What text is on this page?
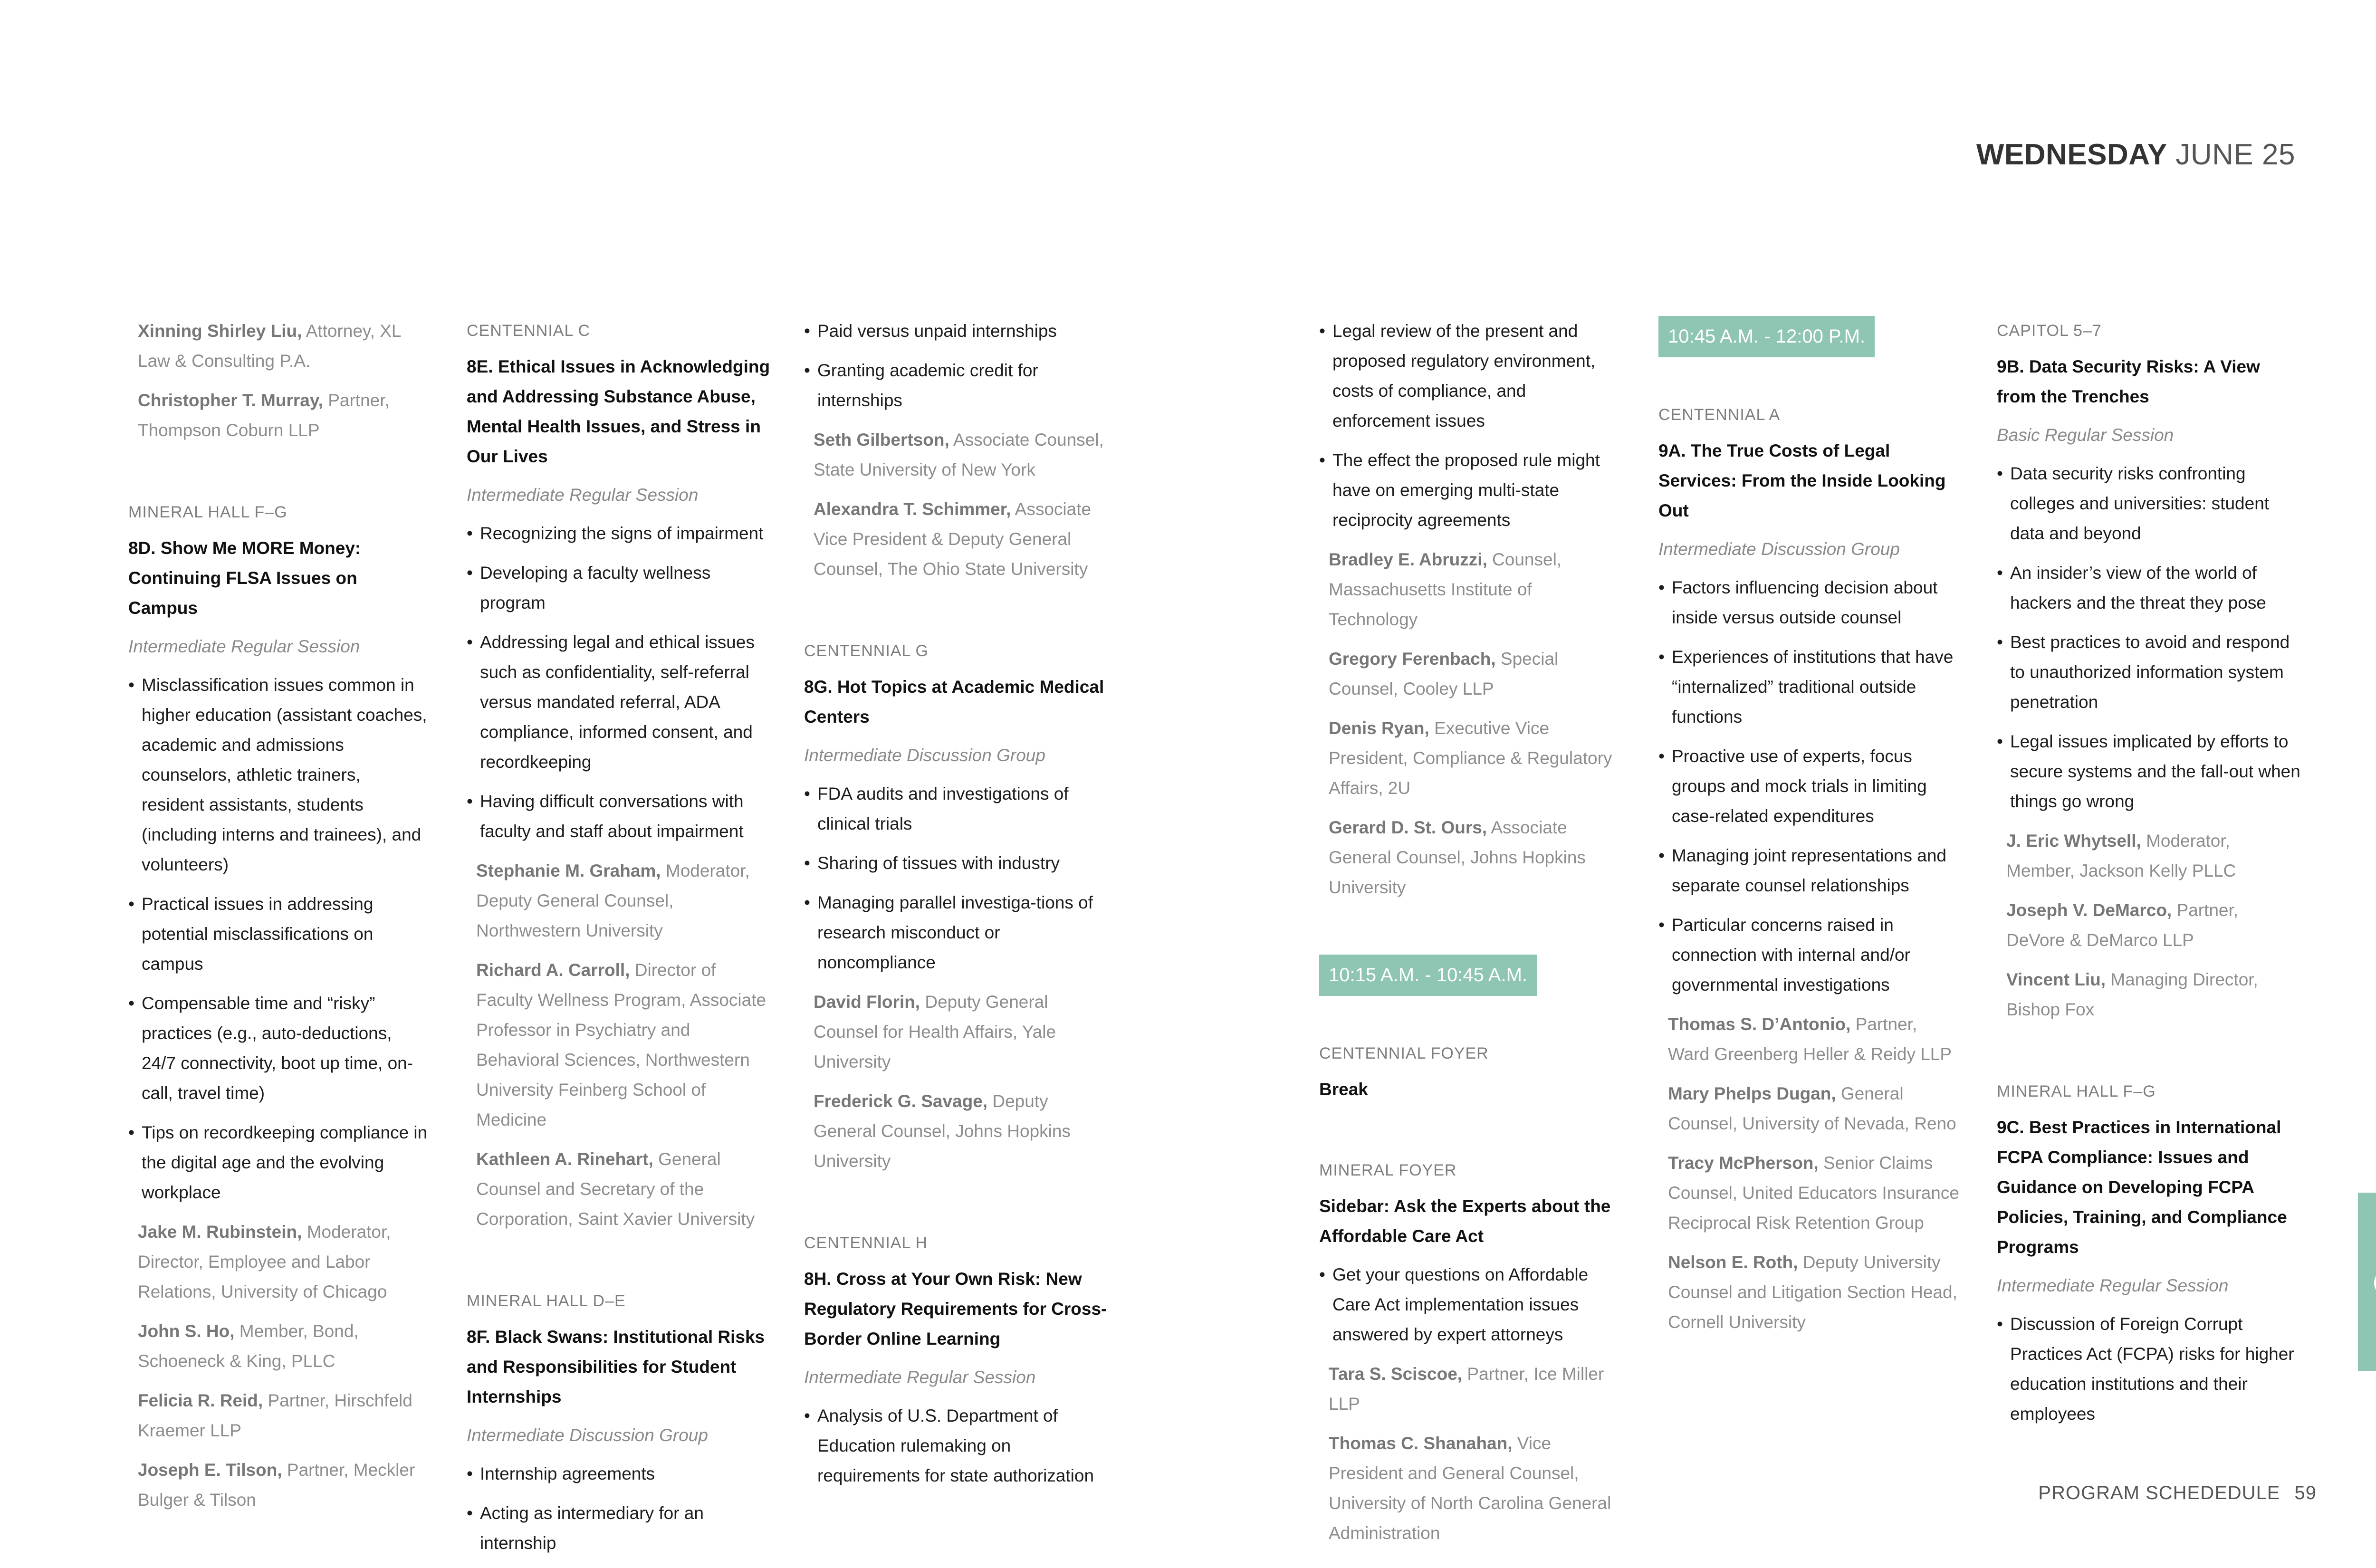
WEDNESDAY JUNE 25
Xinning Shirley Liu, Attorney, XL Law & Consulting P.A.
Christopher T. Murray, Partner, Thompson Coburn LLP
MINERAL HALL F–G
8D. Show Me MORE Money: Continuing FLSA Issues on Campus
Intermediate Regular Session
• Misclassification issues common in higher education (assistant coaches, academic and admissions counselors, athletic trainers, resident assistants, students (including interns and trainees), and volunteers)
• Practical issues in addressing potential misclassifications on campus
• Compensable time and “risky” practices (e.g., auto-deductions, 24/7 connectivity, boot up time, on-call, travel time)
• Tips on recordkeeping compliance in the digital age and the evolving workplace
Jake M. Rubinstein, Moderator, Director, Employee and Labor Relations, University of Chicago
John S. Ho, Member, Bond, Schoeneck & King, PLLC
Felicia R. Reid, Partner, Hirschfeld Kraemer LLP
Joseph E. Tilson, Partner, Meckler Bulger & Tilson
CENTENNIAL C
8E. Ethical Issues in Acknowledging and Addressing Substance Abuse, Mental Health Issues, and Stress in Our Lives
Intermediate Regular Session
• Recognizing the signs of impairment
• Developing a faculty wellness program
• Addressing legal and ethical issues such as confidentiality, self-referral versus mandated referral, ADA compliance, informed consent, and recordkeeping
• Having difficult conversations with faculty and staff about impairment
Stephanie M. Graham, Moderator, Deputy General Counsel, Northwestern University
Richard A. Carroll, Director of Faculty Wellness Program, Associate Professor in Psychiatry and Behavioral Sciences, Northwestern University Feinberg School of Medicine
Kathleen A. Rinehart, General Counsel and Secretary of the Corporation, Saint Xavier University
MINERAL HALL D–E
8F. Black Swans: Institutional Risks and Responsibilities for Student Internships
Intermediate Discussion Group
• Internship agreements
• Acting as intermediary for an internship
• Paid versus unpaid internships
• Granting academic credit for internships
Seth Gilbertson, Associate Counsel, State University of New York
Alexandra T. Schimmer, Associate Vice President & Deputy General Counsel, The Ohio State University
CENTENNIAL G
8G. Hot Topics at Academic Medical Centers
Intermediate Discussion Group
• FDA audits and investigations of clinical trials
• Sharing of tissues with industry
• Managing parallel investiga-tions of research misconduct or noncompliance
David Florin, Deputy General Counsel for Health Affairs, Yale University
Frederick G. Savage, Deputy General Counsel, Johns Hopkins University
CENTENNIAL H
8H. Cross at Your Own Risk: New Regulatory Requirements for Cross-Border Online Learning
Intermediate Regular Session
• Analysis of U.S. Department of Education rulemaking on requirements for state authorization
• Legal review of the present and proposed regulatory environment, costs of compliance, and enforcement issues
• The effect the proposed rule might have on emerging multi-state reciprocity agreements
Bradley E. Abruzzi, Counsel, Massachusetts Institute of Technology
Gregory Ferenbach, Special Counsel, Cooley LLP
Denis Ryan, Executive Vice President, Compliance & Regulatory Affairs, 2U
Gerard D. St. Ours, Associate General Counsel, Johns Hopkins University
10:15 A.M. - 10:45 A.M.
CENTENNIAL FOYER
Break
MINERAL FOYER
Sidebar: Ask the Experts about the Affordable Care Act
• Get your questions on Affordable Care Act implementation issues answered by expert attorneys
Tara S. Sciscoe, Partner, Ice Miller LLP
Thomas C. Shanahan, Vice President and General Counsel, University of North Carolina General Administration
10:45 A.M. - 12:00 P.M.
CENTENNIAL A
9A. The True Costs of Legal Services: From the Inside Looking Out
Intermediate Discussion Group
• Factors influencing decision about inside versus outside counsel
• Experiences of institutions that have “internalized” traditional outside functions
• Proactive use of experts, focus groups and mock trials in limiting case-related expenditures
• Managing joint representations and separate counsel relationships
• Particular concerns raised in connection with internal and/or governmental investigations
Thomas S. D’Antonio, Partner, Ward Greenberg Heller & Reidy LLP
Mary Phelps Dugan, General Counsel, University of Nevada, Reno
Tracy McPherson, Senior Claims Counsel, United Educators Insurance Reciprocal Risk Retention Group
Nelson E. Roth, Deputy University Counsel and Litigation Section Head, Cornell University
CAPITOL 5–7
9B. Data Security Risks: A View from the Trenches
Basic Regular Session
• Data security risks confronting colleges and universities: student data and beyond
• An insider’s view of the world of hackers and the threat they pose
• Best practices to avoid and respond to unauthorized information system penetration
• Legal issues implicated by efforts to secure systems and the fall-out when things go wrong
J. Eric Whytsell, Moderator, Member, Jackson Kelly PLLC
Joseph V. DeMarco, Partner, DeVore & DeMarco LLP
Vincent Liu, Managing Director, Bishop Fox
MINERAL HALL F–G
9C. Best Practices in International FCPA Compliance: Issues and Guidance on Developing FCPA Policies, Training, and Compliance Programs
Intermediate Regular Session
• Discussion of Foreign Corrupt Practices Act (FCPA) risks for higher education institutions and their employees
PROGRAM SCHEDEDULE 59
